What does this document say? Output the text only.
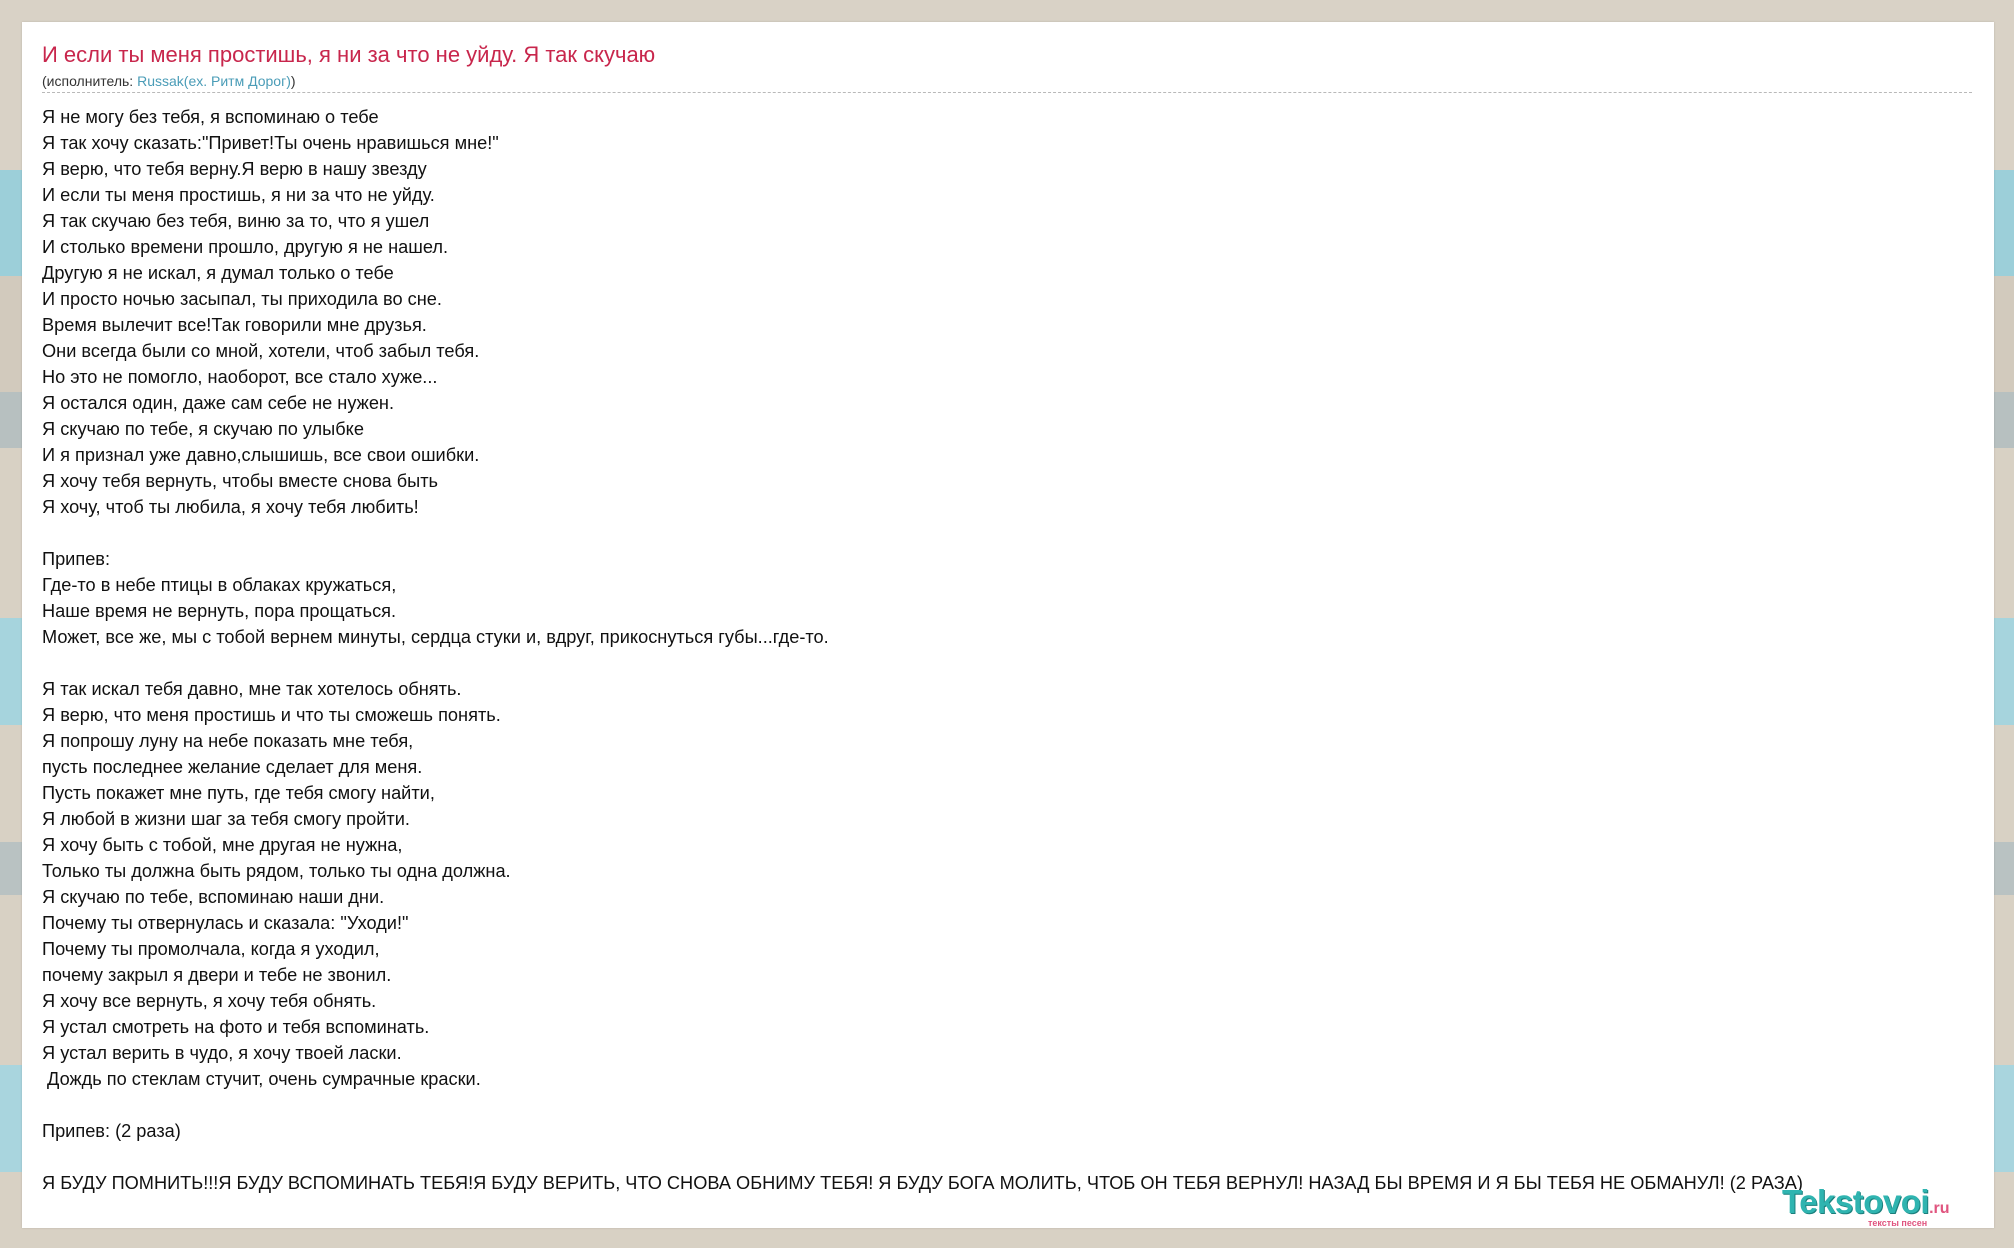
И если ты меня простишь, я ни за что не уйду. Я так скучаю
(исполнитель: Russak(ex. Ритм Дорог))
Я не могу без тебя, я вспоминаю о тебе
Я так хочу сказать:"Привет!Ты очень нравишься мне!"
Я верю, что тебя верну.Я верю в нашу звезду
И если ты меня простишь, я ни за что не уйду.
Я так скучаю без тебя, виню за то, что я ушел
И столько времени прошло, другую я не нашел.
Другую я не искал, я думал только о тебе
И просто ночью засыпал, ты приходила во сне.
Время вылечит все!Так говорили мне друзья.
Они всегда были со мной, хотели, чтоб забыл тебя.
Но это не помогло, наоборот, все стало хуже...
Я остался один, даже сам себе не нужен.
Я скучаю по тебе, я скучаю по улыбке
И я признал уже давно,слышишь, все свои ошибки.
Я хочу тебя вернуть, чтобы вместе снова быть
Я хочу, чтоб ты любила, я хочу тебя любить!

Припев:
Где-то в небе птицы в облаках кружаться,
Наше время не вернуть, пора прощаться.
Может, все же, мы с тобой вернем минуты, сердца стуки и, вдруг, прикоснуться губы...где-то.

Я так искал тебя давно, мне так хотелось обнять.
Я верю, что меня простишь и что ты сможешь понять.
Я попрошу луну на небе показать мне тебя,
пусть последнее желание сделает для меня.
Пусть покажет мне путь, где тебя смогу найти,
Я любой в жизни шаг за тебя смогу пройти.
Я хочу быть с тобой, мне другая не нужна,
Только ты должна быть рядом, только ты одна должна.
Я скучаю по тебе, вспоминаю наши дни.
Почему ты отвернулась и сказала: "Уходи!"
Почему ты промолчала, когда я уходил,
почему закрыл я двери и тебе не звонил.
Я хочу все вернуть, я хочу тебя обнять.
Я устал смотреть на фото и тебя вспоминать.
Я устал верить в чудо, я хочу твоей ласки.
Дождь по стеклам стучит, очень сумрачные краски.

Припев: (2 раза)

Я БУДУ ПОМНИТЬ!!!Я БУДУ ВСПОМИНАТЬ ТЕБЯ!Я БУДУ ВЕРИТЬ, ЧТО СНОВА ОБНИМУ ТЕБЯ! Я БУДУ БОГА МОЛИТЬ, ЧТОБ ОН ТЕБЯ ВЕРНУЛ! НАЗАД БЫ ВРЕМЯ И Я БЫ ТЕБЯ НЕ ОБМАНУЛ! (2 РАЗА)
Tekstovoi.ru
тексты песен
